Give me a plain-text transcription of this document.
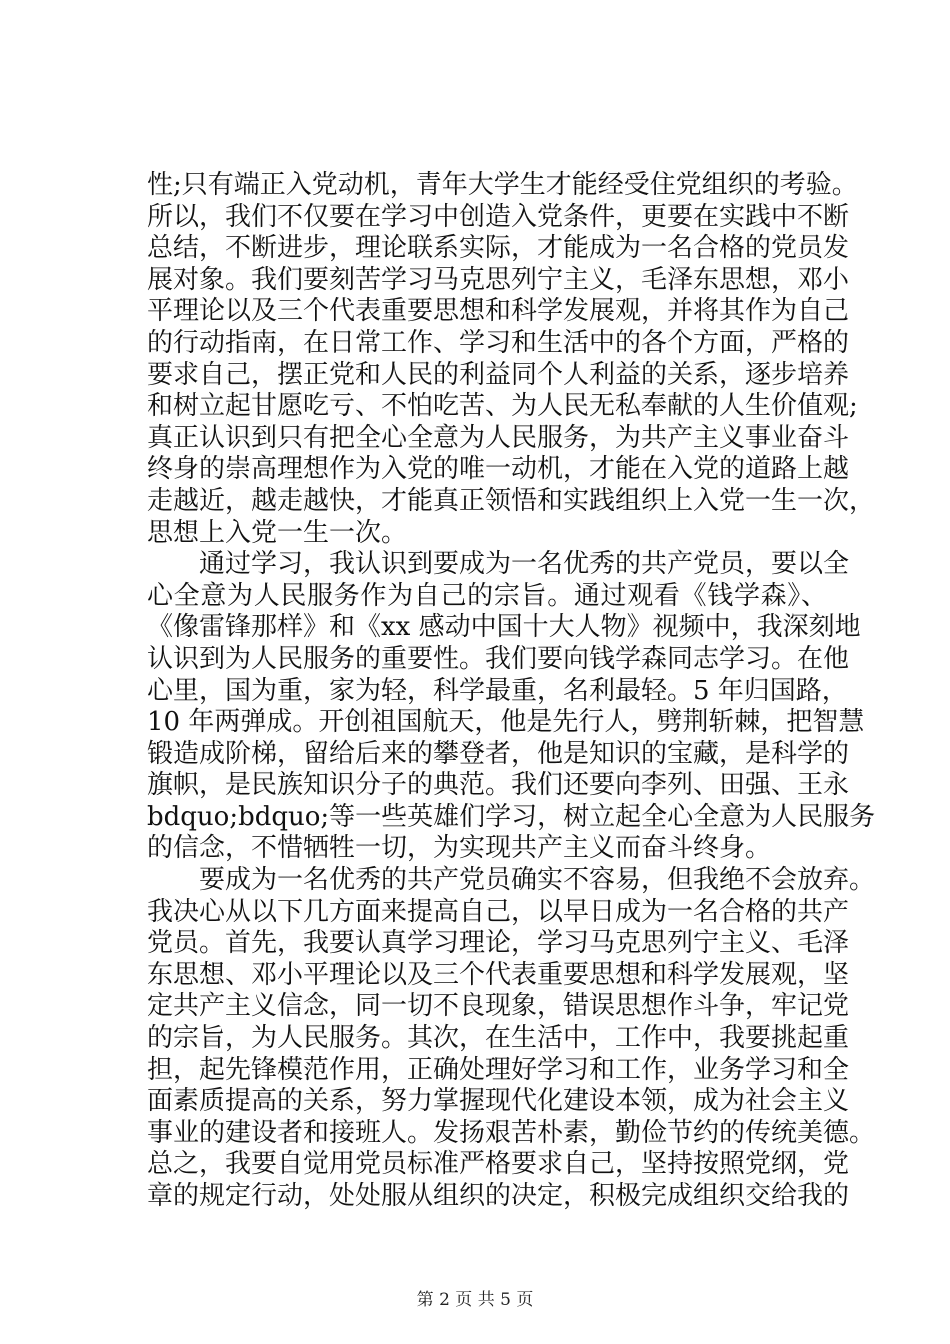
性;只有端正入党动机，青年大学生才能经受住党组织的考验。
所以，我们不仅要在学习中创造入党条件，更要在实践中不断
总结，不断进步，理论联系实际，才能成为一名合格的党员发
展对象。我们要刻苦学习马克思列宁主义，毛泽东思想，邓小
平理论以及三个代表重要思想和科学发展观，并将其作为自己
的行动指南，在日常工作、学习和生活中的各个方面，严格的
要求自己，摆正党和人民的利益同个人利益的关系，逐步培养
和树立起甘愿吃亏、不怕吃苦、为人民无私奉献的人生价值观;
真正认识到只有把全心全意为人民服务，为共产主义事业奋斗
终身的崇高理想作为入党的唯一动机，才能在入党的道路上越
走越近，越走越快，才能真正领悟和实践组织上入党一生一次，
思想上入党一生一次。
　　通过学习，我认识到要成为一名优秀的共产党员，要以全
心全意为人民服务作为自己的宗旨。通过观看《钱学森》、
《像雷锋那样》和《xx 感动中国十大人物》视频中，我深刻地
认识到为人民服务的重要性。我们要向钱学森同志学习。在他
心里，国为重，家为轻，科学最重，名利最轻。5 年归国路，
10 年两弹成。开创祖国航天，他是先行人，劈荆斩棘，把智慧
锻造成阶梯，留给后来的攀登者，他是知识的宝藏，是科学的
旗帜，是民族知识分子的典范。我们还要向李列、田强、王永
bdquo;bdquo;等一些英雄们学习，树立起全心全意为人民服务
的信念，不惜牺牲一切，为实现共产主义而奋斗终身。
　　要成为一名优秀的共产党员确实不容易，但我绝不会放弃。
我决心从以下几方面来提高自己，以早日成为一名合格的共产
党员。首先，我要认真学习理论，学习马克思列宁主义、毛泽
东思想、邓小平理论以及三个代表重要思想和科学发展观，坚
定共产主义信念，同一切不良现象，错误思想作斗争，牢记党
的宗旨，为人民服务。其次，在生活中，工作中，我要挑起重
担，起先锋模范作用，正确处理好学习和工作，业务学习和全
面素质提高的关系，努力掌握现代化建设本领，成为社会主义
事业的建设者和接班人。发扬艰苦朴素，勤俭节约的传统美德。
总之，我要自觉用党员标准严格要求自己，坚持按照党纲，党
章的规定行动，处处服从组织的决定，积极完成组织交给我的
第 2 页 共 5 页
